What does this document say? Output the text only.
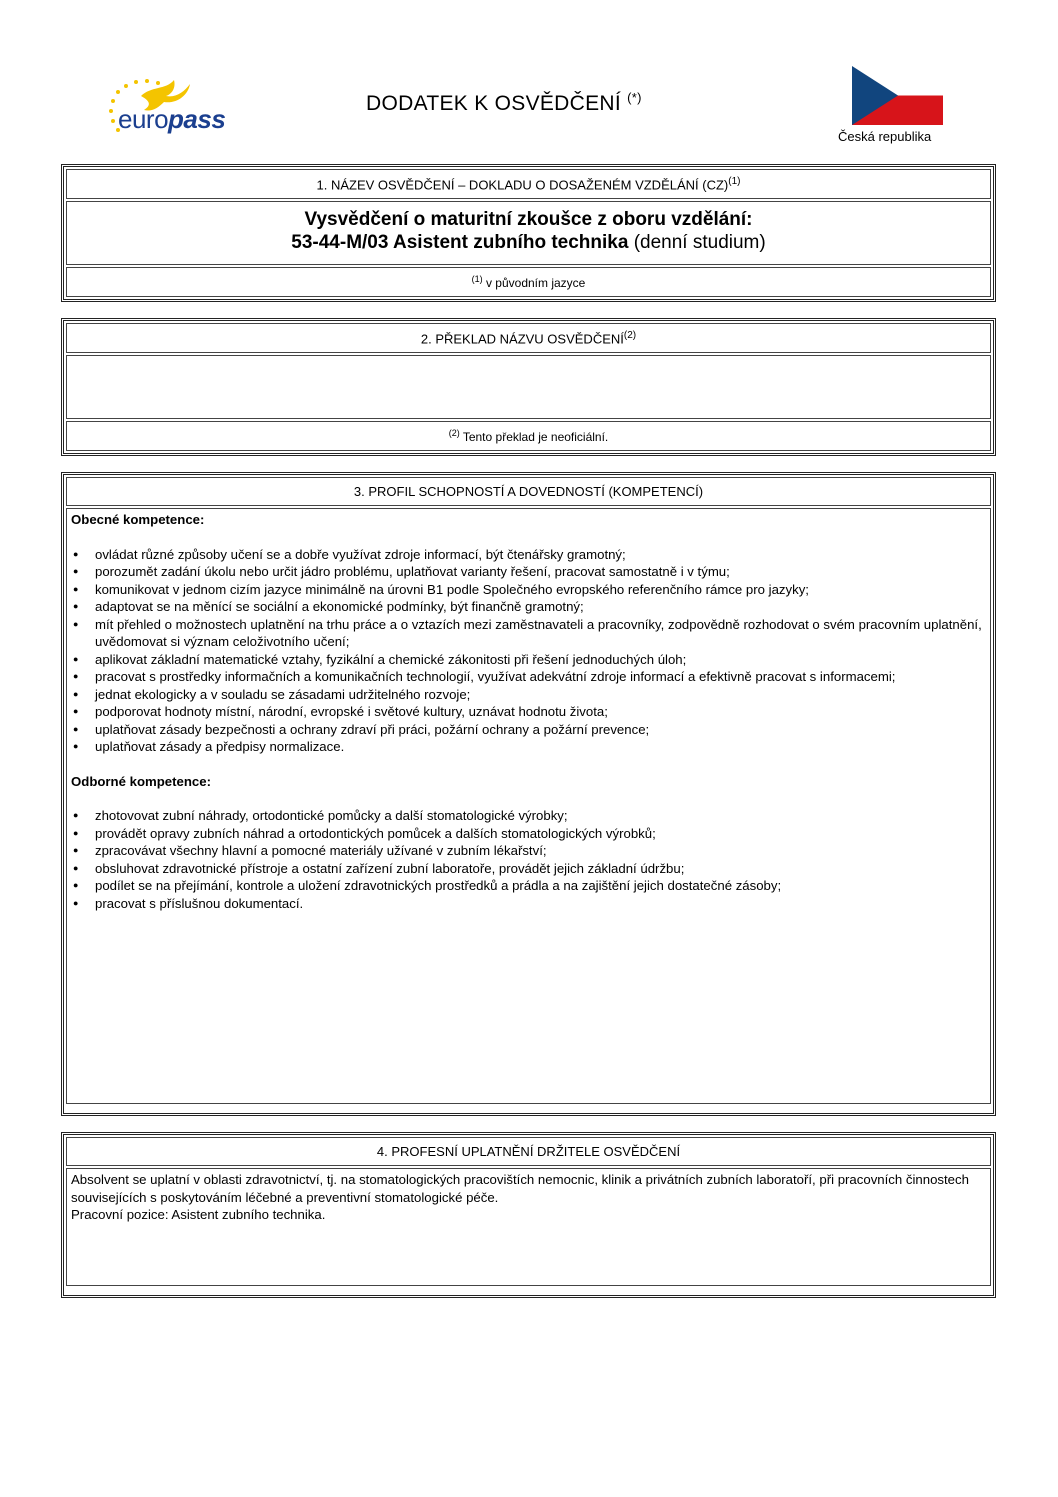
europass
DODATEK K OSVĚDČENÍ (*)
Česká republika
1. NÁZEV OSVĚDČENÍ – DOKLADU O DOSAŽENÉM VZDĚLÁNÍ (CZ)$^{(1)}$
Vysvědčení o maturitní zkoušce z oboru vzdělání:
53-44-M/03 Asistent zubního technika (denní studium)
$^{(1)}$ v původním jazyce
2. PŘEKLAD NÁZVU OSVĚDČENÍ$^{(2)}$
$^{(2)}$ Tento překlad je neoficiální.
3. PROFIL SCHOPNOSTÍ A DOVEDNOSTÍ (KOMPETENCÍ)
Obecné kompetence:
● ovládat různé způsoby učení se a dobře využívat zdroje informací, být čtenářsky gramotný;
● porozumět zadání úkolu nebo určit jádro problému, uplatňovat varianty řešení, pracovat samostatně i v týmu;
● komunikovat v jednom cizím jazyce minimálně na úrovni B1 podle Společného evropského referenčního rámce pro jazyky;
● adaptovat se na měnící se sociální a ekonomické podmínky, být finančně gramotný;
● mít přehled o možnostech uplatnění na trhu práce a o vztazích mezi zaměstnavateli a pracovníky, zodpovědně rozhodovat o svém pracovním uplatnění, uvědomovat si význam celoživotního učení;
● aplikovat základní matematické vztahy, fyzikální a chemické zákonitosti při řešení jednoduchých úloh;
● pracovat s prostředky informačních a komunikačních technologií, využívat adekvátní zdroje informací a efektivně pracovat s informacemi;
● jednat ekologicky a v souladu se zásadami udržitelného rozvoje;
● podporovat hodnoty místní, národní, evropské i světové kultury, uznávat hodnotu života;
● uplatňovat zásady bezpečnosti a ochrany zdraví při práci, požární ochrany a požární prevence;
● uplatňovat zásady a předpisy normalizace.
Odborné kompetence:
● zhotovovat zubní náhrady, ortodontické pomůcky a další stomatologické výrobky;
● provádět opravy zubních náhrad a ortodontických pomůcek a dalších stomatologických výrobků;
● zpracovávat všechny hlavní a pomocné materiály užívané v zubním lékařství;
● obsluhovat zdravotnické přístroje a ostatní zařízení zubní laboratoře, provádět jejich základní údržbu;
● podílet se na přejímání, kontrole a uložení zdravotnických prostředků a prádla a na zajištění jejich dostatečné zásoby;
● pracovat s příslušnou dokumentací.
4. PROFESNÍ UPLATNĚNÍ DRŽITELE OSVĚDČENÍ
Absolvent se uplatní v oblasti zdravotnictví, tj. na stomatologických pracovištích nemocnic, klinik a privátních zubních laboratoří, při pracovních činnostech souvisejících s poskytováním léčebné a preventivní stomatologické péče.
Pracovní pozice: Asistent zubního technika.
